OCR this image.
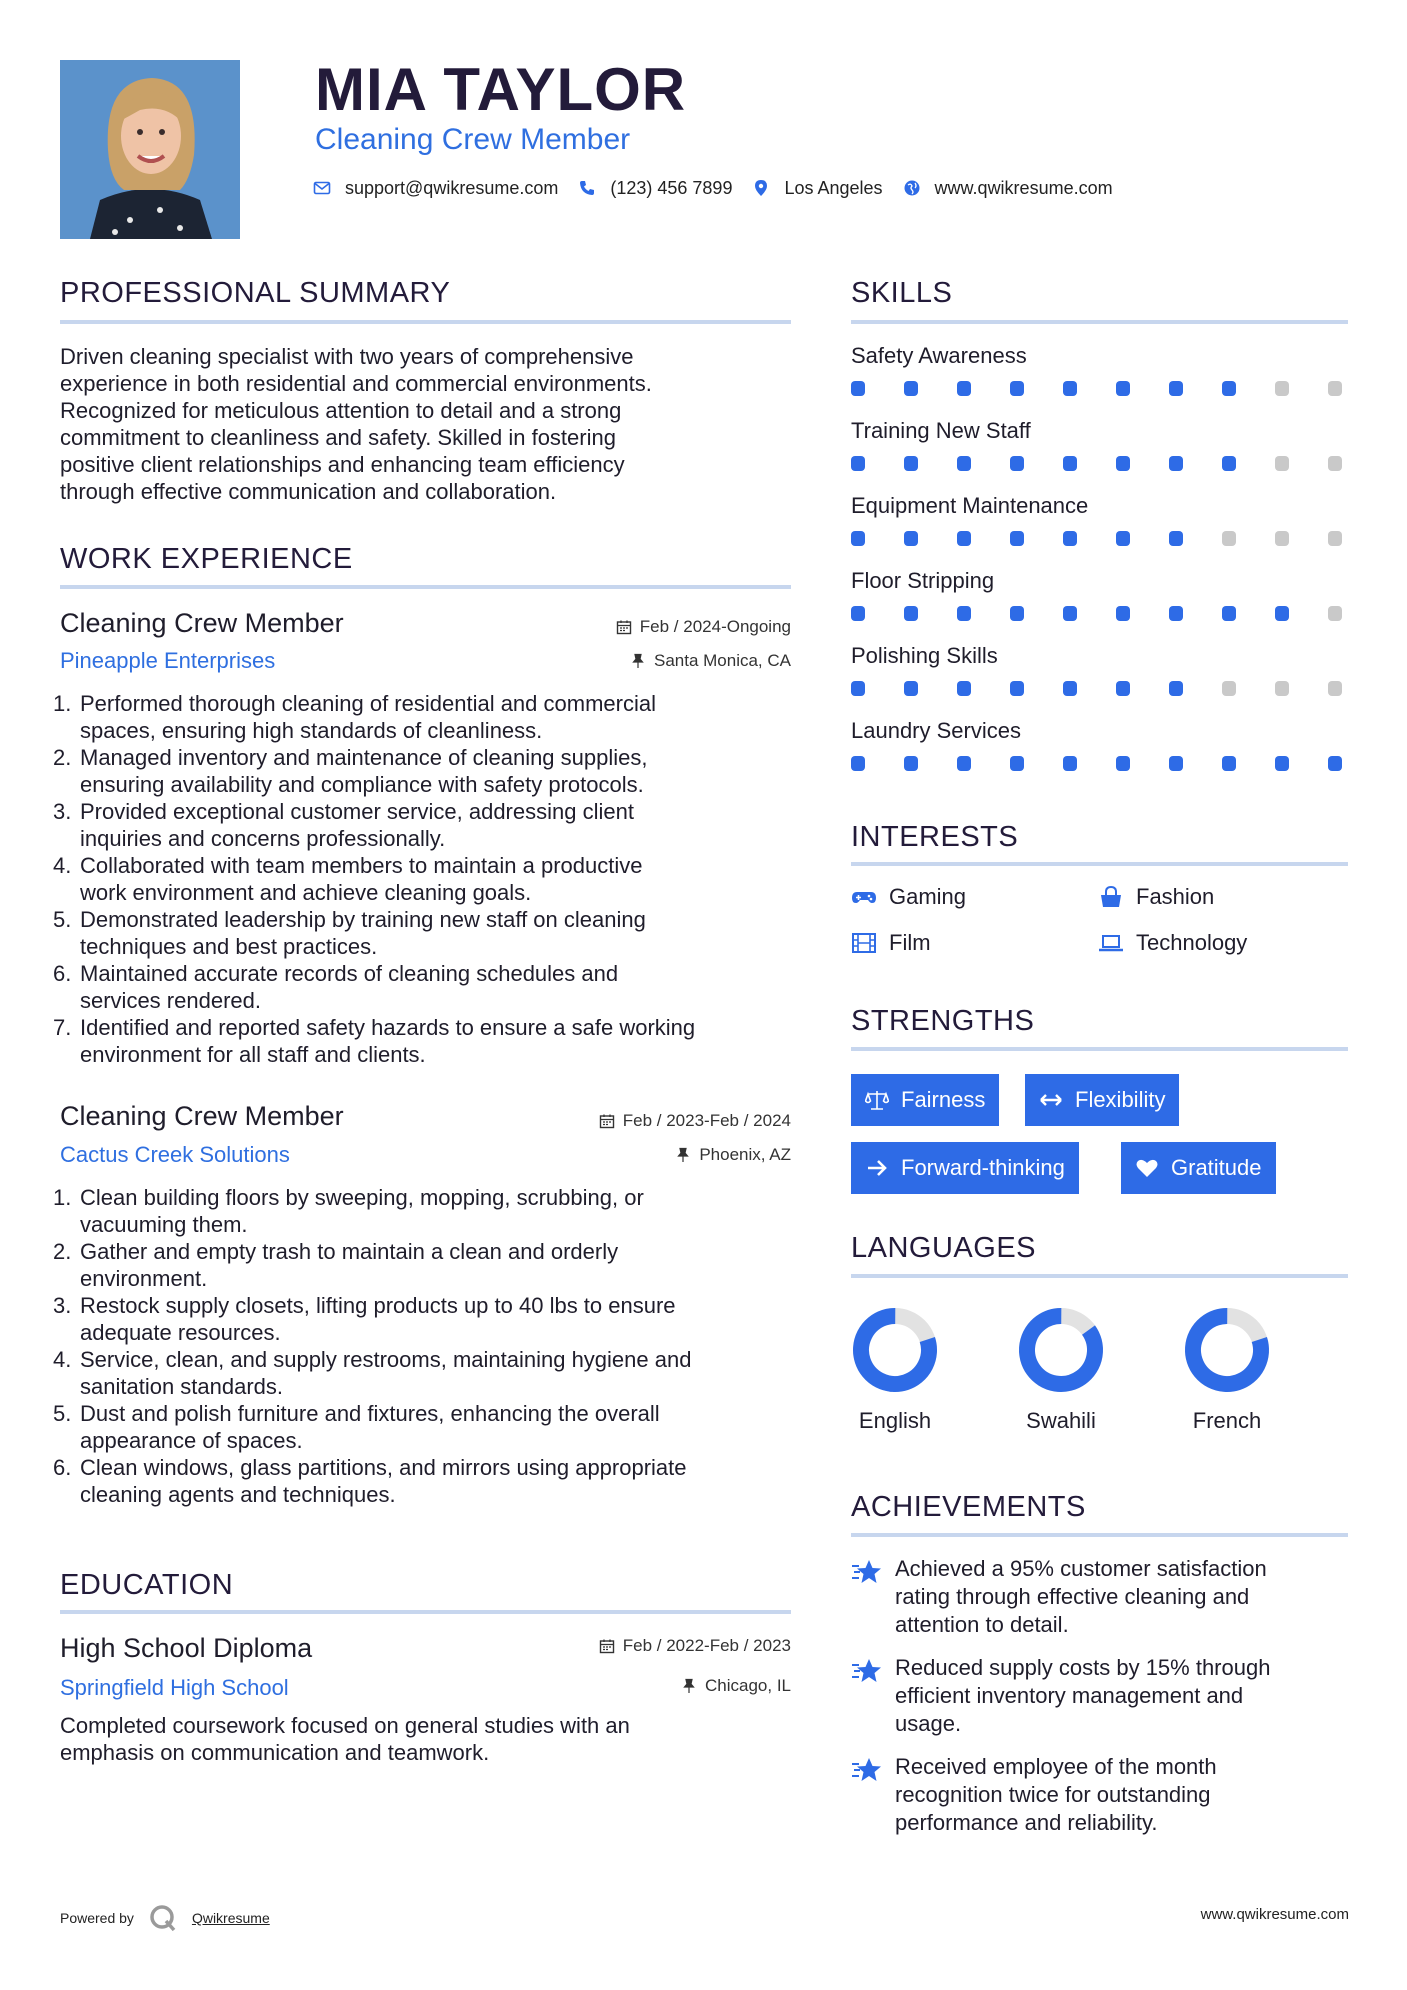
MIA TAYLOR
Cleaning Crew Member
support@qwikresume.com	(123) 456 7899	Los Angeles	www.qwikresume.com
PROFESSIONAL SUMMARY
Driven cleaning specialist with two years of comprehensive
experience in both residential and commercial environments.
Recognized for meticulous attention to detail and a strong
commitment to cleanliness and safety. Skilled in fostering
positive client relationships and enhancing team efficiency
through effective communication and collaboration.
WORK EXPERIENCE
Cleaning Crew Member	Feb / 2024-Ongoing
Pineapple Enterprises	Santa Monica, CA
1. Performed thorough cleaning of residential and commercial
spaces, ensuring high standards of cleanliness.
2. Managed inventory and maintenance of cleaning supplies,
ensuring availability and compliance with safety protocols.
3. Provided exceptional customer service, addressing client
inquiries and concerns professionally.
4. Collaborated with team members to maintain a productive
work environment and achieve cleaning goals.
5. Demonstrated leadership by training new staff on cleaning
techniques and best practices.
6. Maintained accurate records of cleaning schedules and
services rendered.
7. Identified and reported safety hazards to ensure a safe working
environment for all staff and clients.
Cleaning Crew Member	Feb / 2023-Feb / 2024
Cactus Creek Solutions	Phoenix, AZ
1. Clean building floors by sweeping, mopping, scrubbing, or
vacuuming them.
2. Gather and empty trash to maintain a clean and orderly
environment.
3. Restock supply closets, lifting products up to 40 lbs to ensure
adequate resources.
4. Service, clean, and supply restrooms, maintaining hygiene and
sanitation standards.
5. Dust and polish furniture and fixtures, enhancing the overall
appearance of spaces.
6. Clean windows, glass partitions, and mirrors using appropriate
cleaning agents and techniques.
EDUCATION
High School Diploma	Feb / 2022-Feb / 2023
Springfield High School	Chicago, IL
Completed coursework focused on general studies with an
emphasis on communication and teamwork.
SKILLS
Safety Awareness
Training New Staff
Equipment Maintenance
Floor Stripping
Polishing Skills
Laundry Services
INTERESTS
Gaming	Fashion
Film	Technology
STRENGTHS
Fairness	Flexibility
Forward-thinking	Gratitude
LANGUAGES
English	Swahili	French
ACHIEVEMENTS
Achieved a 95% customer satisfaction
rating through effective cleaning and
attention to detail.
Reduced supply costs by 15% through
efficient inventory management and
usage.
Received employee of the month
recognition twice for outstanding
performance and reliability.
Powered by	Qwikresume	www.qwikresume.com
